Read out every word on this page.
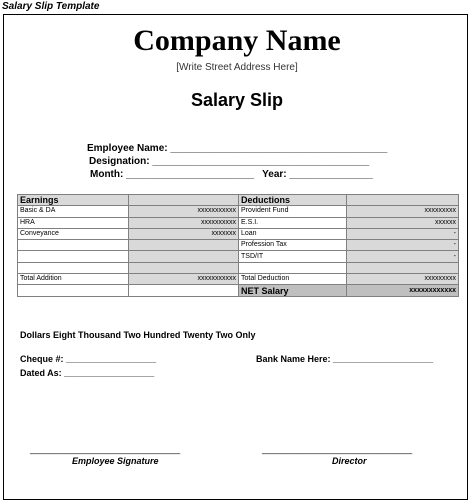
Salary Slip Template
Company Name
[Write Street Address Here]
Salary Slip
Employee Name: _______________________________________
Designation: _______________________________________
Month: _______________________   Year: _______________
Earnings		Deductions	
Basic & DA	xxxxxxxxxxx	Provident Fund	xxxxxxxxx
HRA	xxxxxxxxxx	E.S.I.	xxxxxx
Conveyance	xxxxxxx	Loan	-
		Profession Tax	-
		TSD/IT	-

Total Addition	xxxxxxxxxxx	Total Deduction	xxxxxxxxx
		NET Salary	xxxxxxxxxxxx
Dollars Eight Thousand Two Hundred Twenty Two Only
Cheque #: __________________	Bank Name Here: ____________________
Dated As: __________________
______________________________	______________________________
Employee Signature	Director
